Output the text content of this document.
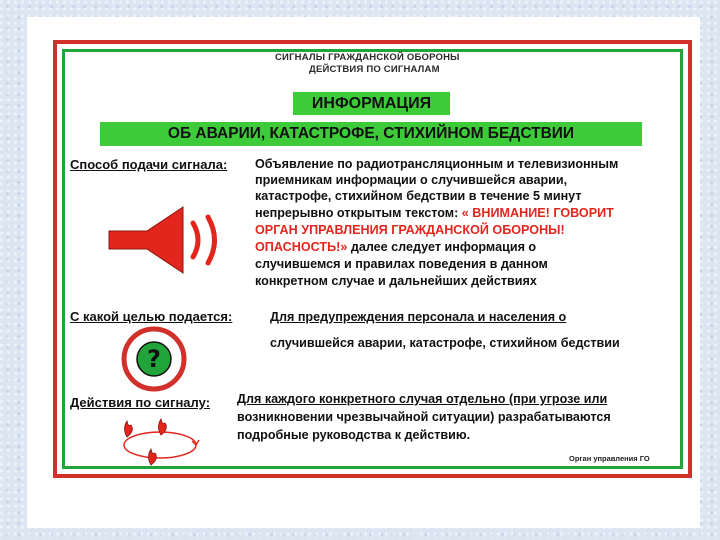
СИГНАЛЫ ГРАЖДАНСКОЙ ОБОРОНЫ
ДЕЙСТВИЯ ПО СИГНАЛАМ
ИНФОРМАЦИЯ
ОБ АВАРИИ, КАТАСТРОФЕ, СТИХИЙНОМ БЕДСТВИИ
Способ подачи сигнала: Объявление по радиотрансляционным и телевизионным
приемникам информации о случившейся аварии,
катастрофе, стихийном бедствии в течение 5 минут
непрерывно открытым текстом: « ВНИМАНИЕ! ГОВОРИТ
ОРГАН УПРАВЛЕНИЯ ГРАЖДАНСКОЙ ОБОРОНЫ!
ОПАСНОСТЬ!» далее следует информация о
случившемся и правилах поведения в данном
конкретном случае и дальнейших действиях
С какой целью подается:	Для предупреждения персонала и населения о
случившейся аварии, катастрофе, стихийном бедствии
?
Действия по сигналу: Для каждого конкретного случая отдельно (при угрозе или
возникновении чрезвычайной ситуации) разрабатываются
подробные руководства к действию.
Орган управления ГО
